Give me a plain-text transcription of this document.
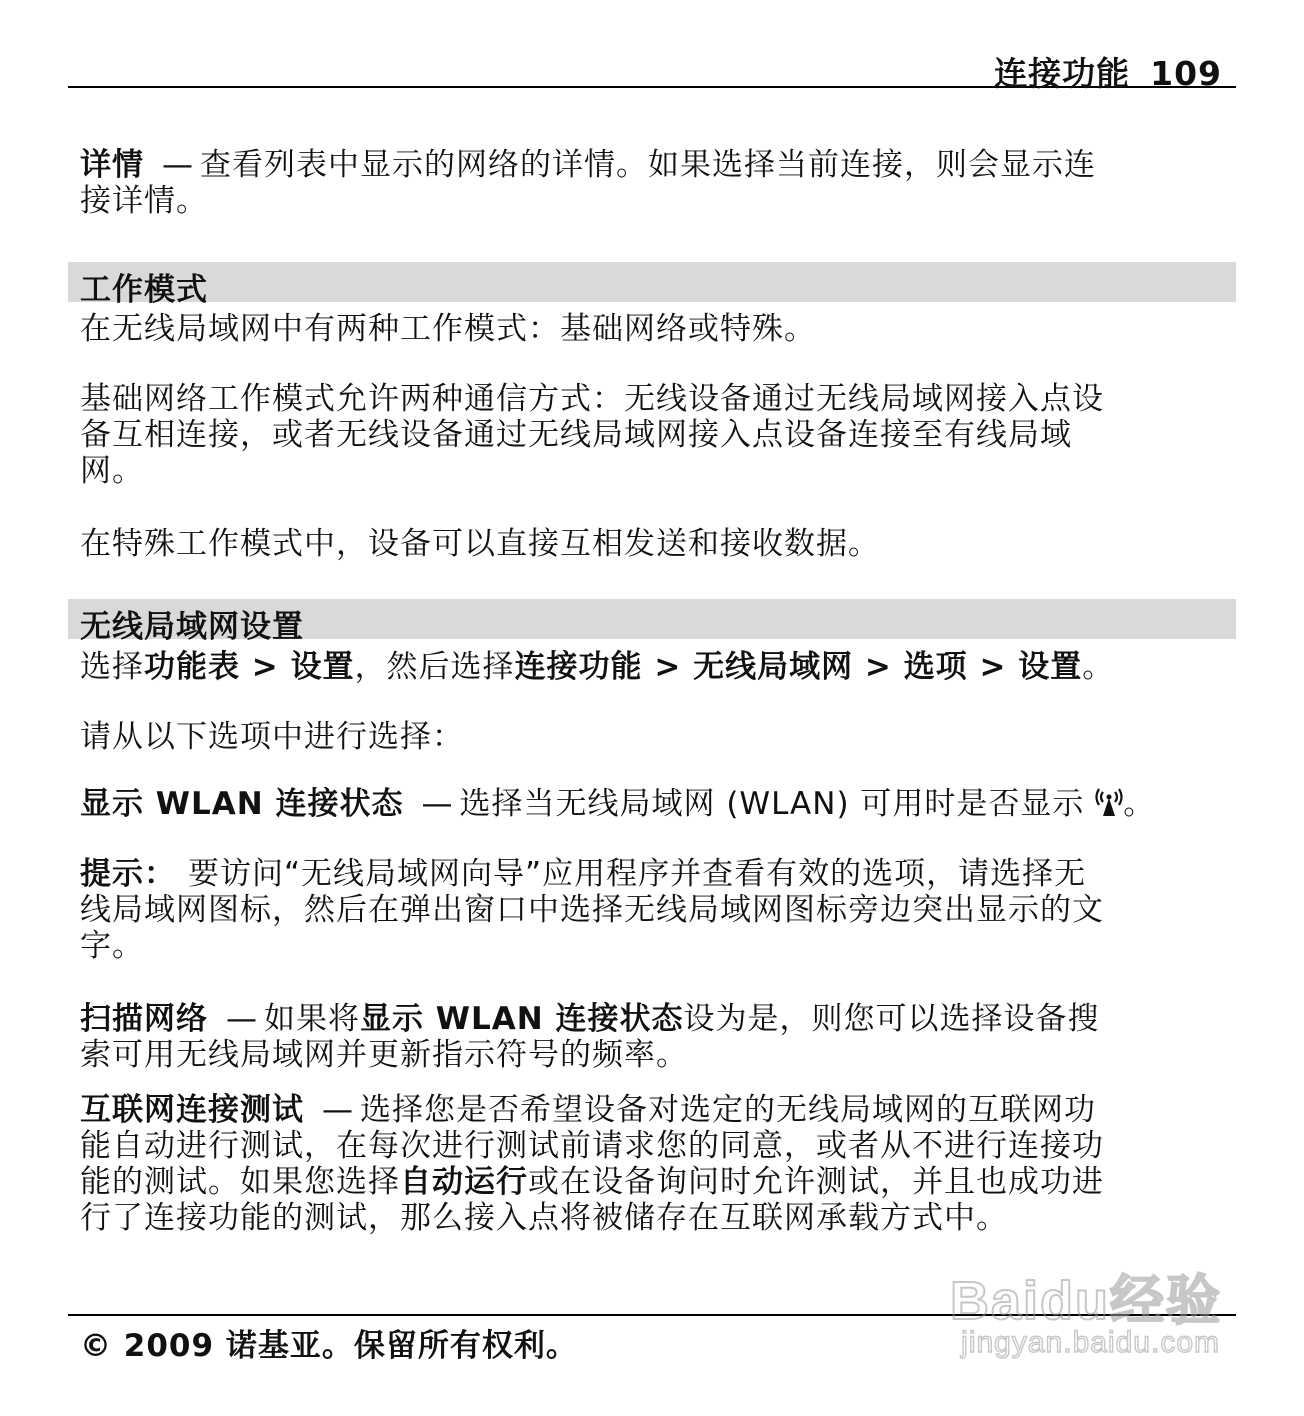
连接功能 109
详情 — 查看列表中显示的网络的详情。如果选择当前连接，则会显示连
接详情。
工作模式
在无线局域网中有两种工作模式：基础网络或特殊。
基础网络工作模式允许两种通信方式：无线设备通过无线局域网接入点设
备互相连接，或者无线设备通过无线局域网接入点设备连接至有线局域
网。
在特殊工作模式中，设备可以直接互相发送和接收数据。
无线局域网设置
选择功能表 > 设置，然后选择连接功能 > 无线局域网 > 选项 > 设置。
请从以下选项中进行选择：
显示 WLAN 连接状态 — 选择当无线局域网 (WLAN) 可用时是否显示 。
提示： 要访问“无线局域网向导”应用程序并查看有效的选项，请选择无
线局域网图标，然后在弹出窗口中选择无线局域网图标旁边突出显示的文
字。
扫描网络 — 如果将显示 WLAN 连接状态设为是，则您可以选择设备搜
索可用无线局域网并更新指示符号的频率。
互联网连接测试 — 选择您是否希望设备对选定的无线局域网的互联网功
能自动进行测试，在每次进行测试前请求您的同意，或者从不进行连接功
能的测试。如果您选择自动运行或在设备询问时允许测试，并且也成功进
行了连接功能的测试，那么接入点将被储存在互联网承载方式中。
© 2009 诺基亚。保留所有权利。
Baidu经验
jingyan.baidu.com
